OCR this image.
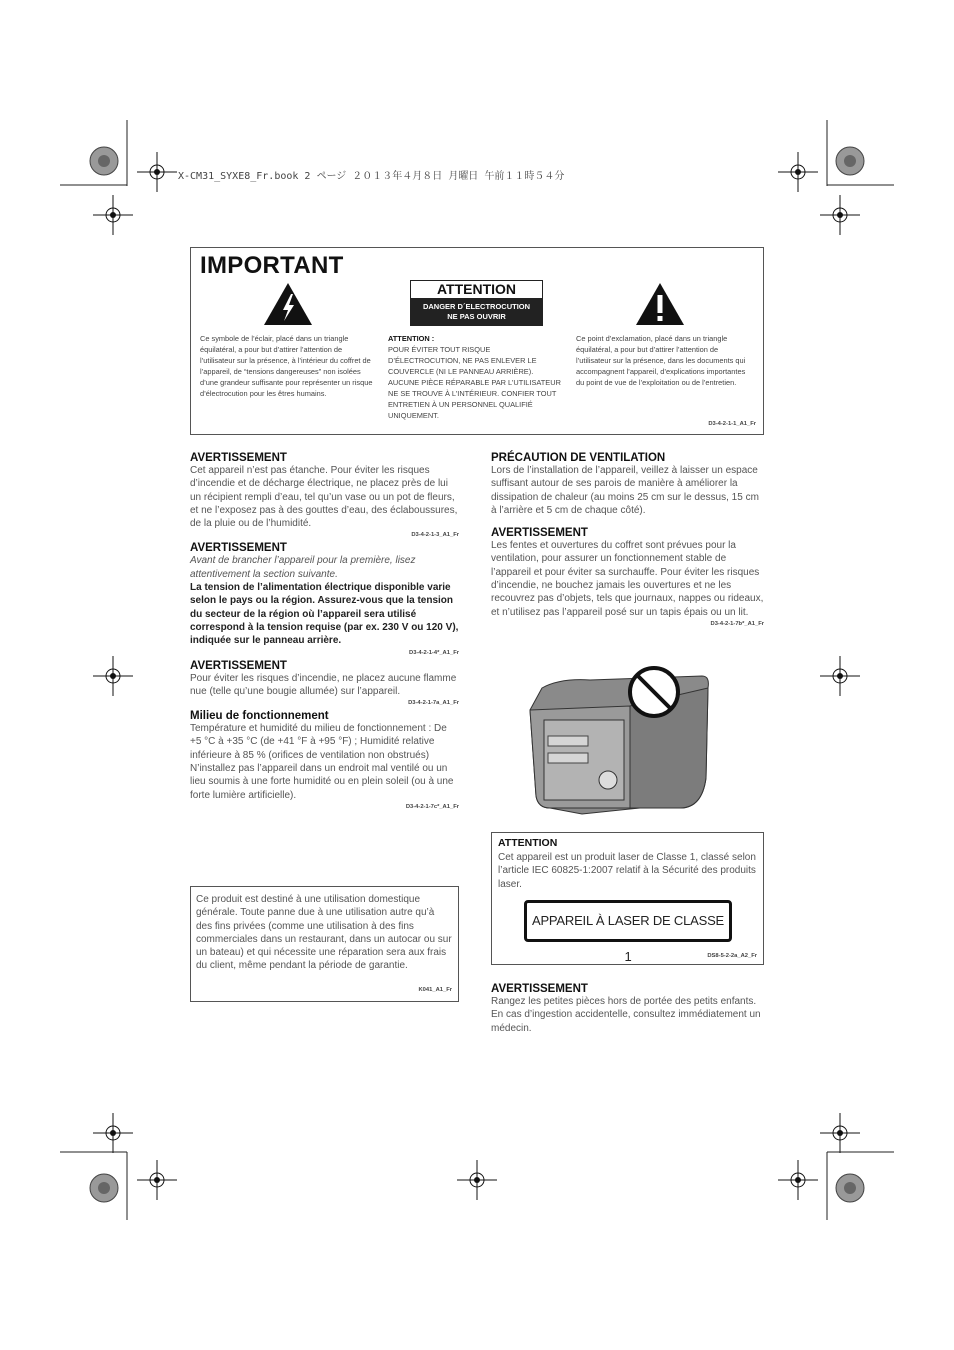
X-CM31_SYXE8_Fr.book 2 ページ ２０１３年４月８日 月曜日 午前１１時５４分
IMPORTANT
ATTENTION
DANGER D´ELECTROCUTION
NE PAS OUVRIR
Ce symbole de l’éclair, placé dans un triangle équilatéral, a pour but d’attirer l’attention de l’utilisateur sur la présence, à l’intérieur du coffret de l’appareil, de “tensions dangereuses” non isolées d’une grandeur suffisante pour représenter un risque d’électrocution pour les êtres humains.
ATTENTION :
POUR ÉVITER TOUT RISQUE D’ÉLECTROCUTION, NE PAS ENLEVER LE COUVERCLE (NI LE PANNEAU ARRIÈRE). AUCUNE PIÈCE RÉPARABLE PAR L’UTILISATEUR NE SE TROUVE À L’INTÉRIEUR. CONFIER TOUT ENTRETIEN À UN PERSONNEL QUALIFIÉ UNIQUEMENT.
Ce point d’exclamation, placé dans un triangle équilatéral, a pour but d’attirer l’attention de l’utilisateur sur la présence, dans les documents qui accompagnent l’appareil, d’explications importantes du point de vue de l’exploitation ou de l’entretien.
D3-4-2-1-1_A1_Fr
AVERTISSEMENT

Cet appareil n’est pas étanche. Pour éviter les risques d’incendie et de décharge électrique, ne placez près de lui un récipient rempli d’eau, tel qu’un vase ou un pot de fleurs, et ne l’exposez pas à des gouttes d’eau, des éclaboussures, de la pluie ou de l’humidité.

D3-4-2-1-3_A1_Fr
AVERTISSEMENT

Avant de brancher l’appareil pour la première, lisez attentivement la section suivante.

La tension de l’alimentation électrique disponible varie selon le pays ou la région. Assurez-vous que la tension du secteur de la région où l’appareil sera utilisé correspond à la tension requise (par ex. 230 V ou 120 V), indiquée sur le panneau arrière.

D3-4-2-1-4*_A1_Fr
AVERTISSEMENT

Pour éviter les risques d’incendie, ne placez aucune flamme nue (telle qu’une bougie allumée) sur l’appareil.

D3-4-2-1-7a_A1_Fr
Milieu de fonctionnement

Température et humidité du milieu de fonctionnement : De +5 °C à +35 °C (de +41 °F à +95 °F) ; Humidité relative inférieure à 85 % (orifices de ventilation non obstrués)

N’installez pas l’appareil dans un endroit mal ventilé ou un lieu soumis à une forte humidité ou en plein soleil (ou à une forte lumière artificielle).

D3-4-2-1-7c*_A1_Fr

Ce produit est destiné à une utilisation domestique générale. Toute panne due à une utilisation autre qu’à des fins privées (comme une utilisation à des fins commerciales dans un restaurant, dans un autocar ou sur un bateau) et qui nécessite une réparation sera aux frais du client, même pendant la période de garantie.

K041_A1_Fr
PRÉCAUTION DE VENTILATION

Lors de l’installation de l’appareil, veillez à laisser un espace suffisant autour de ses parois de manière à améliorer la dissipation de chaleur (au moins 25 cm sur le dessus, 15 cm à l’arrière et 5 cm de chaque côté).

AVERTISSEMENT

Les fentes et ouvertures du coffret sont prévues pour la ventilation, pour assurer un fonctionnement stable de l’appareil et pour éviter sa surchauffe. Pour éviter les risques d’incendie, ne bouchez jamais les ouvertures et ne les recouvrez pas d’objets, tels que journaux, nappes ou rideaux, et n’utilisez pas l’appareil posé sur un tapis épais ou un lit.

D3-4-2-1-7b*_A1_Fr
ATTENTION

Cet appareil est un produit laser de Classe 1, classé selon l’article IEC 60825-1:2007 relatif à la Sécurité des produits laser.

DS8-5-2-2a_A2_Fr
APPAREIL À LASER DE CLASSE 1
AVERTISSEMENT

Rangez les petites pièces hors de portée des petits enfants. En cas d’ingestion accidentelle, consultez immédiatement un médecin.
